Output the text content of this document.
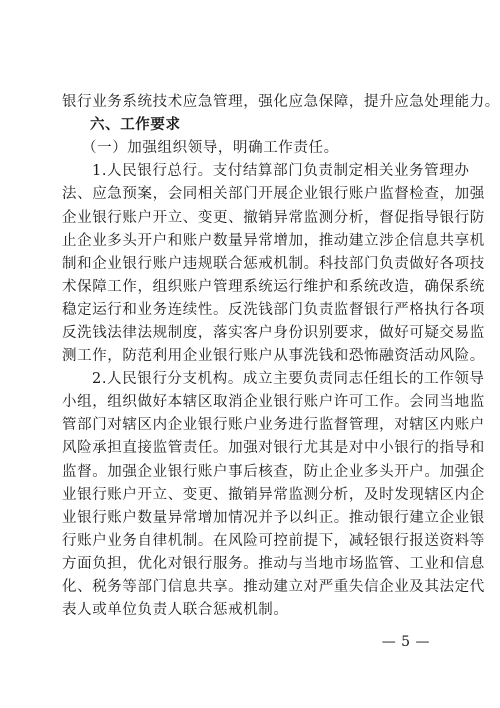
银行业务系统技术应急管理，强化应急保障，提升应急处理能力。
六、工作要求
（一）加强组织领导，明确工作责任。
1.人民银行总行。支付结算部门负责制定相关业务管理办
法、应急预案，会同相关部门开展企业银行账户监督检查，加强
企业银行账户开立、变更、撤销异常监测分析，督促指导银行防
止企业多头开户和账户数量异常增加，推动建立涉企信息共享机
制和企业银行账户违规联合惩戒机制。科技部门负责做好各项技
术保障工作，组织账户管理系统运行维护和系统改造，确保系统
稳定运行和业务连续性。反洗钱部门负责监督银行严格执行各项
反洗钱法律法规制度，落实客户身份识别要求，做好可疑交易监
测工作，防范利用企业银行账户从事洗钱和恐怖融资活动风险。
2.人民银行分支机构。成立主要负责同志任组长的工作领导
小组，组织做好本辖区取消企业银行账户许可工作。会同当地监
管部门对辖区内企业银行账户业务进行监督管理，对辖区内账户
风险承担直接监管责任。加强对银行尤其是对中小银行的指导和
监督。加强企业银行账户事后核查，防止企业多头开户。加强企
业银行账户开立、变更、撤销异常监测分析，及时发现辖区内企
业银行账户数量异常增加情况并予以纠正。推动银行建立企业银
行账户业务自律机制。在风险可控前提下，减轻银行报送资料等
方面负担，优化对银行服务。推动与当地市场监管、工业和信息
化、税务等部门信息共享。推动建立对严重失信企业及其法定代
表人或单位负责人联合惩戒机制。
— 5 —
